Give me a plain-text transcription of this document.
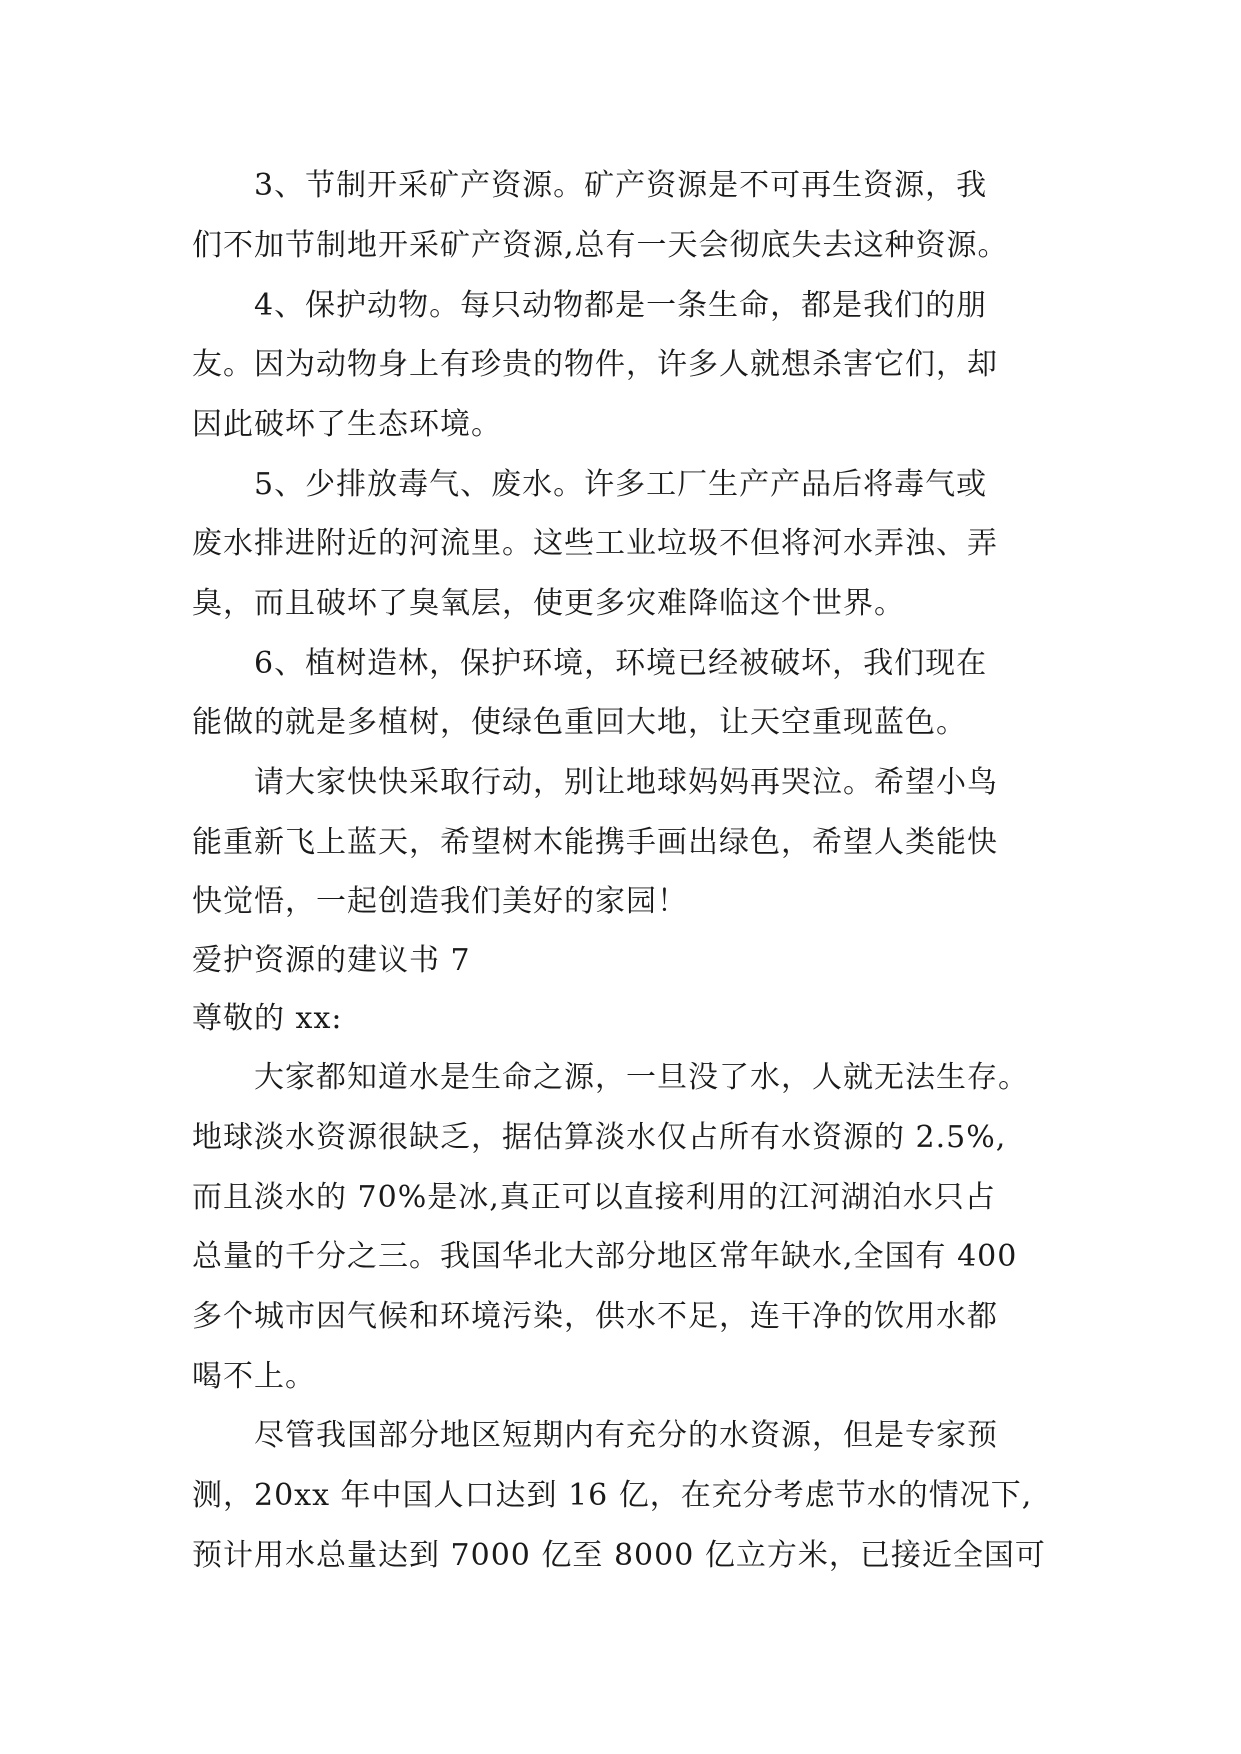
3、节制开采矿产资源。矿产资源是不可再生资源，我
们不加节制地开采矿产资源,总有一天会彻底失去这种资源。
4、保护动物。每只动物都是一条生命，都是我们的朋
友。因为动物身上有珍贵的物件，许多人就想杀害它们，却
因此破坏了生态环境。
5、少排放毒气、废水。许多工厂生产产品后将毒气或
废水排进附近的河流里。这些工业垃圾不但将河水弄浊、弄
臭，而且破坏了臭氧层，使更多灾难降临这个世界。
6、植树造林，保护环境，环境已经被破坏，我们现在
能做的就是多植树，使绿色重回大地，让天空重现蓝色。
请大家快快采取行动，别让地球妈妈再哭泣。希望小鸟
能重新飞上蓝天，希望树木能携手画出绿色，希望人类能快
快觉悟，一起创造我们美好的家园！
爱护资源的建议书 7
尊敬的 xx:
大家都知道水是生命之源，一旦没了水，人就无法生存。
地球淡水资源很缺乏，据估算淡水仅占所有水资源的 2.5%,
而且淡水的 70%是冰,真正可以直接利用的江河湖泊水只占
总量的千分之三。我国华北大部分地区常年缺水,全国有 400
多个城市因气候和环境污染，供水不足，连干净的饮用水都
喝不上。
尽管我国部分地区短期内有充分的水资源，但是专家预
测，20xx 年中国人口达到 16 亿，在充分考虑节水的情况下,
预计用水总量达到 7000 亿至 8000 亿立方米，已接近全国可
